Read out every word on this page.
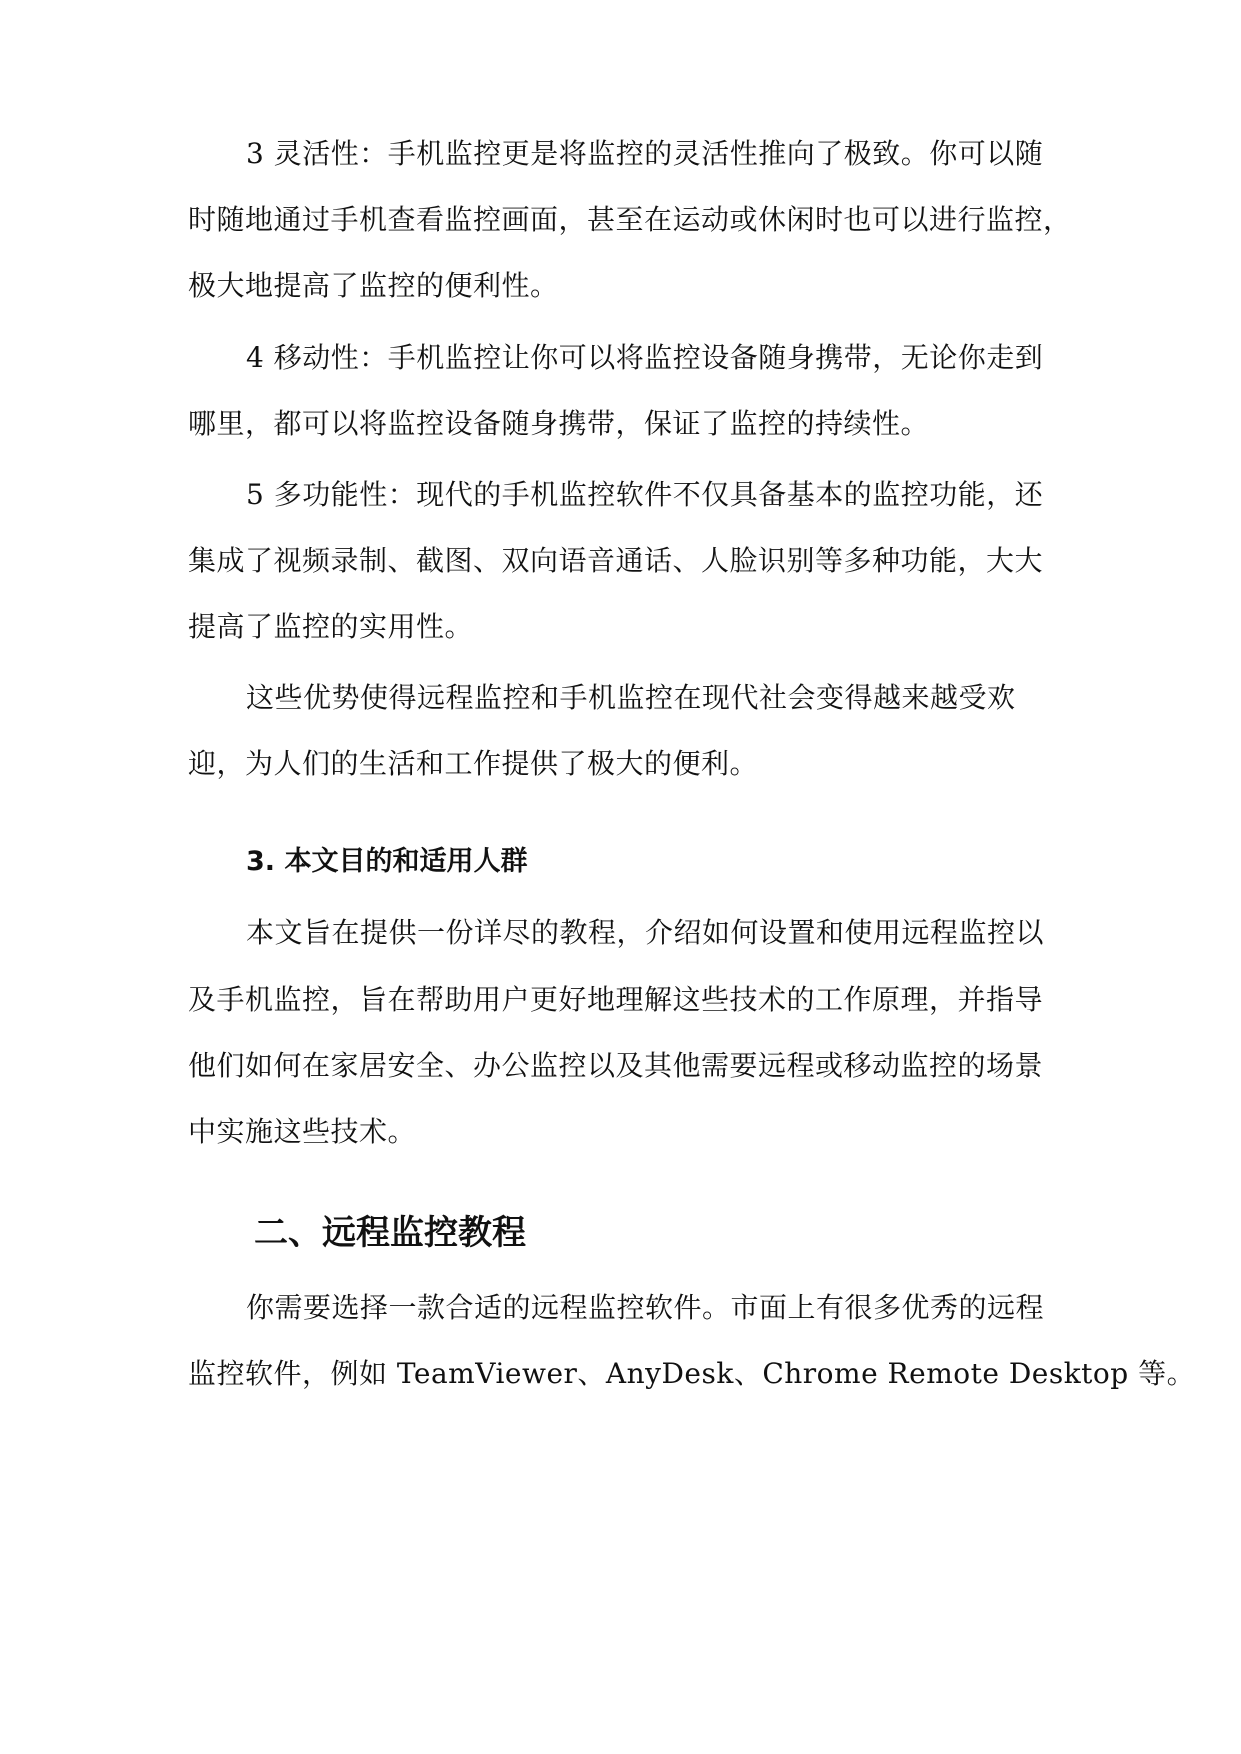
3 灵活性：手机监控更是将监控的灵活性推向了极致。你可以随
时随地通过手机查看监控画面，甚至在运动或休闲时也可以进行监控，
极大地提高了监控的便利性。
4 移动性：手机监控让你可以将监控设备随身携带，无论你走到
哪里，都可以将监控设备随身携带，保证了监控的持续性。
5 多功能性：现代的手机监控软件不仅具备基本的监控功能，还
集成了视频录制、截图、双向语音通话、人脸识别等多种功能，大大
提高了监控的实用性。
这些优势使得远程监控和手机监控在现代社会变得越来越受欢
迎，为人们的生活和工作提供了极大的便利。
3. 本文目的和适用人群
本文旨在提供一份详尽的教程，介绍如何设置和使用远程监控以
及手机监控，旨在帮助用户更好地理解这些技术的工作原理，并指导
他们如何在家居安全、办公监控以及其他需要远程或移动监控的场景
中实施这些技术。
二、远程监控教程
你需要选择一款合适的远程监控软件。市面上有很多优秀的远程
监控软件，例如 TeamViewer、AnyDesk、Chrome Remote Desktop 等。
